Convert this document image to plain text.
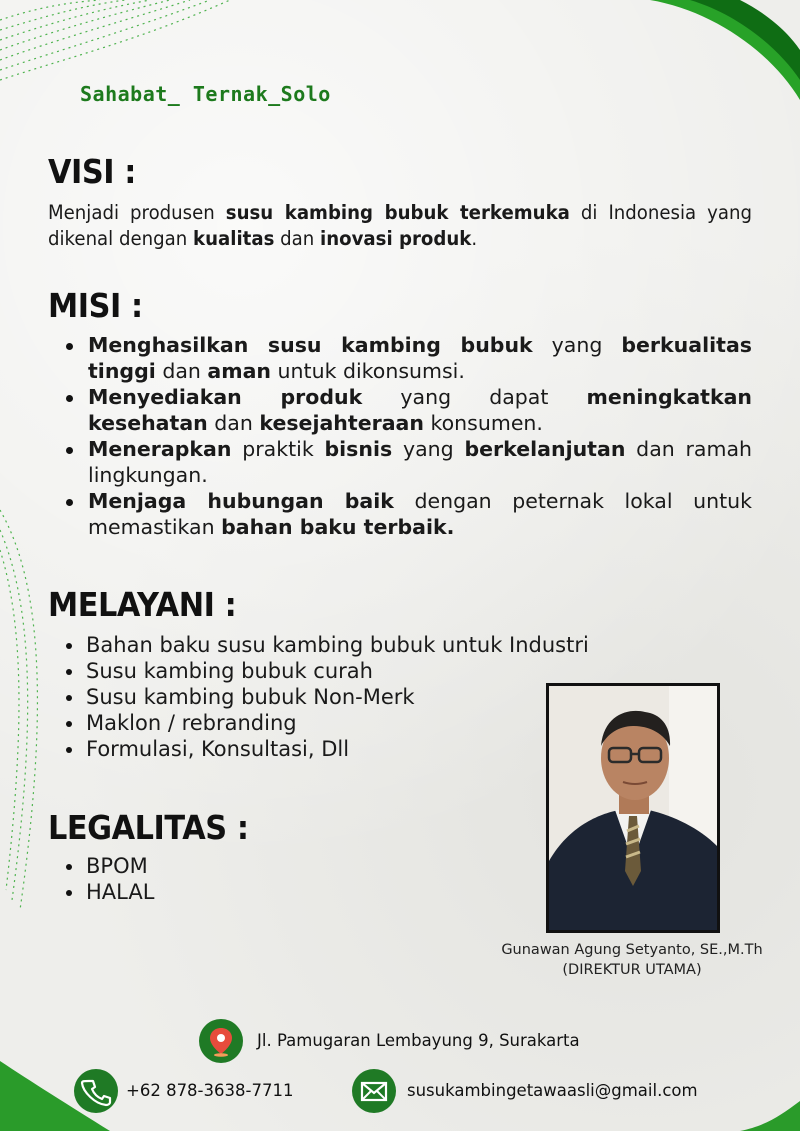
Sahabat_ Ternak_Solo
VISI :
Menjadi produsen susu kambing bubuk terkemuka di Indonesia yang dikenal dengan kualitas dan inovasi produk.
MISI :
Menghasilkan susu kambing bubuk yang berkualitas tinggi dan aman untuk dikonsumsi.
Menyediakan produk yang dapat meningkatkan kesehatan dan kesejahteraan konsumen.
Menerapkan praktik bisnis yang berkelanjutan dan ramah lingkungan.
Menjaga hubungan baik dengan peternak lokal untuk memastikan bahan baku terbaik.
MELAYANI :
Bahan baku susu kambing bubuk untuk Industri
Susu kambing bubuk curah
Susu kambing bubuk Non-Merk
Maklon / rebranding
Formulasi, Konsultasi, Dll
LEGALITAS :
BPOM
HALAL
Gunawan Agung Setyanto, SE.,M.Th
(DIREKTUR UTAMA)
Jl. Pamugaran Lembayung 9, Surakarta
+62 878-3638-7711	susukambingetawaasli@gmail.com
